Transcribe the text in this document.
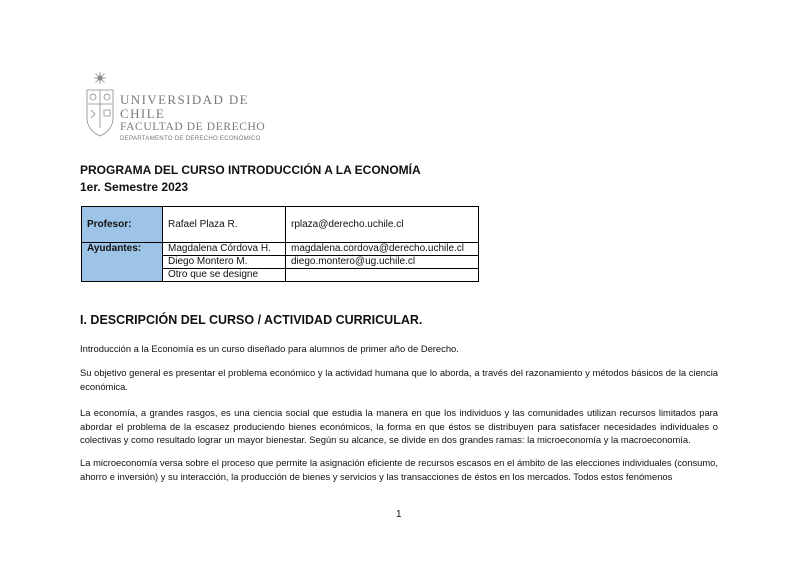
UNIVERSIDAD DE CHILE
FACULTAD DE DERECHO
DEPARTAMENTO DE DERECHO ECONÓMICO
PROGRAMA DEL CURSO INTRODUCCIÓN A LA ECONOMÍA
1er. Semestre 2023
Profesor:	Rafael Plaza R.	rplaza@derecho.uchile.cl
Ayudantes:	Magdalena Córdova H.	magdalena.cordova@derecho.uchile.cl
	Diego Montero M.	diego.montero@ug.uchile.cl
	Otro que se designe	
I. DESCRIPCIÓN DEL CURSO / ACTIVIDAD CURRICULAR.
Introducción a la Economía es un curso diseñado para alumnos de primer año de Derecho.
Su objetivo general es presentar el problema económico y la actividad humana que lo aborda, a través del razonamiento y métodos básicos de la ciencia económica.
La economía, a grandes rasgos, es una ciencia social que estudia la manera en que los individuos y las comunidades utilizan recursos limitados para abordar el problema de la escasez produciendo bienes económicos, la forma en que éstos se distribuyen para satisfacer necesidades individuales o colectivas y como resultado lograr un mayor bienestar. Según su alcance, se divide en dos grandes ramas: la microeconomía y la macroeconomía.
La microeconomía versa sobre el proceso que permite la asignación eficiente de recursos escasos en el ámbito de las elecciones individuales (consumo, ahorro e inversión) y su interacción, la producción de bienes y servicios y las transacciones de éstos en los mercados. Todos estos fenómenos
1
